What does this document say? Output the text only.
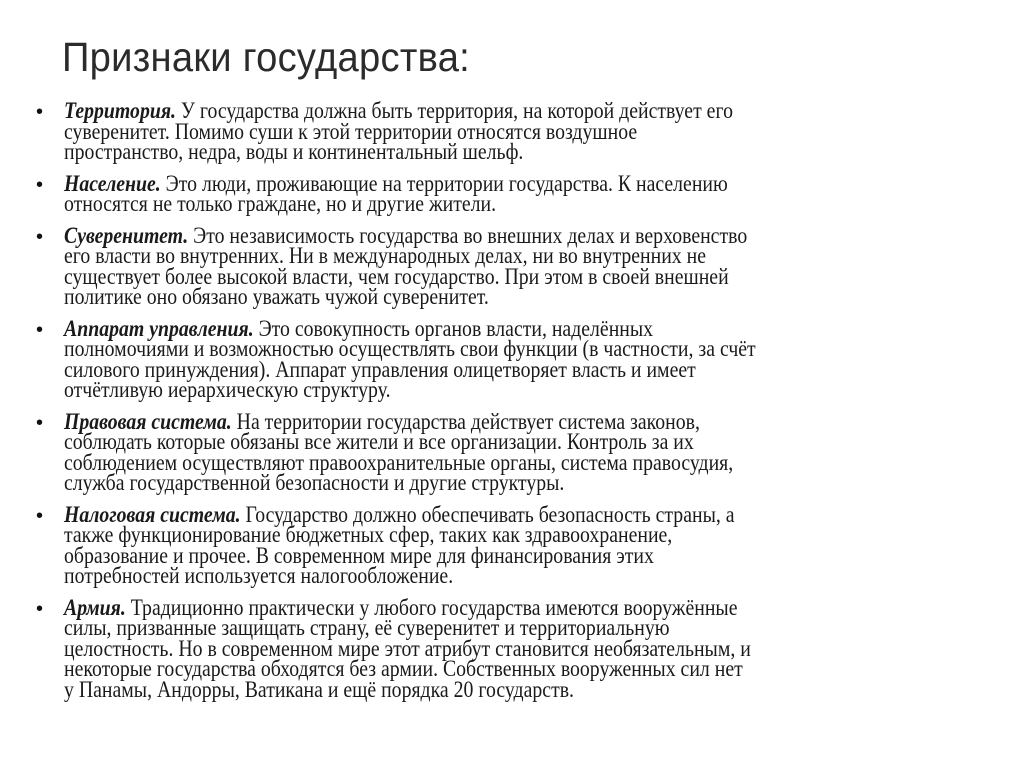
Признаки государства:
• Территория. У государства должна быть территория, на которой действует его
суверенитет. Помимо суши к этой территории относятся воздушное
пространство, недра, воды и континентальный шельф.
• Население. Это люди, проживающие на территории государства. К населению
относятся не только граждане, но и другие жители.
• Суверенитет. Это независимость государства во внешних делах и верховенство
его власти во внутренних. Ни в международных делах, ни во внутренних не
существует более высокой власти, чем государство. При этом в своей внешней
политике оно обязано уважать чужой суверенитет.
• Аппарат управления. Это совокупность органов власти, наделённых
полномочиями и возможностью осуществлять свои функции (в частности, за счёт
силового принуждения). Аппарат управления олицетворяет власть и имеет
отчётливую иерархическую структуру.
• Правовая система. На территории государства действует система законов,
соблюдать которые обязаны все жители и все организации. Контроль за их
соблюдением осуществляют правоохранительные органы, система правосудия,
служба государственной безопасности и другие структуры.
• Налоговая система. Государство должно обеспечивать безопасность страны, а
также функционирование бюджетных сфер, таких как здравоохранение,
образование и прочее. В современном мире для финансирования этих
потребностей используется налогообложение.
• Армия. Традиционно практически у любого государства имеются вооружённые
силы, призванные защищать страну, её суверенитет и территориальную
целостность. Но в современном мире этот атрибут становится необязательным, и
некоторые государства обходятся без армии. Собственных вооруженных сил нет
у Панамы, Андорры, Ватикана и ещё порядка 20 государств.
